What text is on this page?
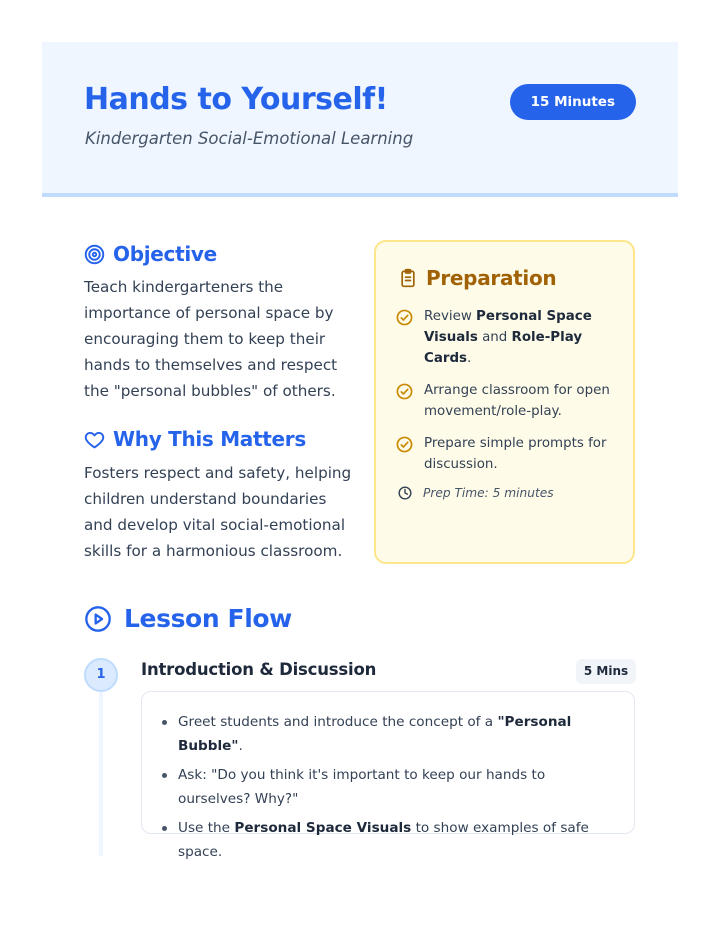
Hands to Yourself!

Kindergarten Social-Emotional Learning

15 Minutes
Objective

Teach kindergarteners the importance of personal space by encouraging them to keep their hands to themselves and respect the "personal bubbles" of others.

Why This Matters

Fosters respect and safety, helping children understand boundaries and develop vital social-emotional skills for a harmonious classroom.

Preparation
Review Personal Space Visuals and Role-Play Cards.
Arrange classroom for open movement/role-play.
Prepare simple prompts for discussion.
Prep Time: 5 minutes
Lesson Flow
1	Introduction & Discussion	5 Mins
Greet students and introduce the concept of a "Personal Bubble".
Ask: "Do you think it's important to keep our hands to ourselves? Why?"
Use the Personal Space Visuals to show examples of safe space.
